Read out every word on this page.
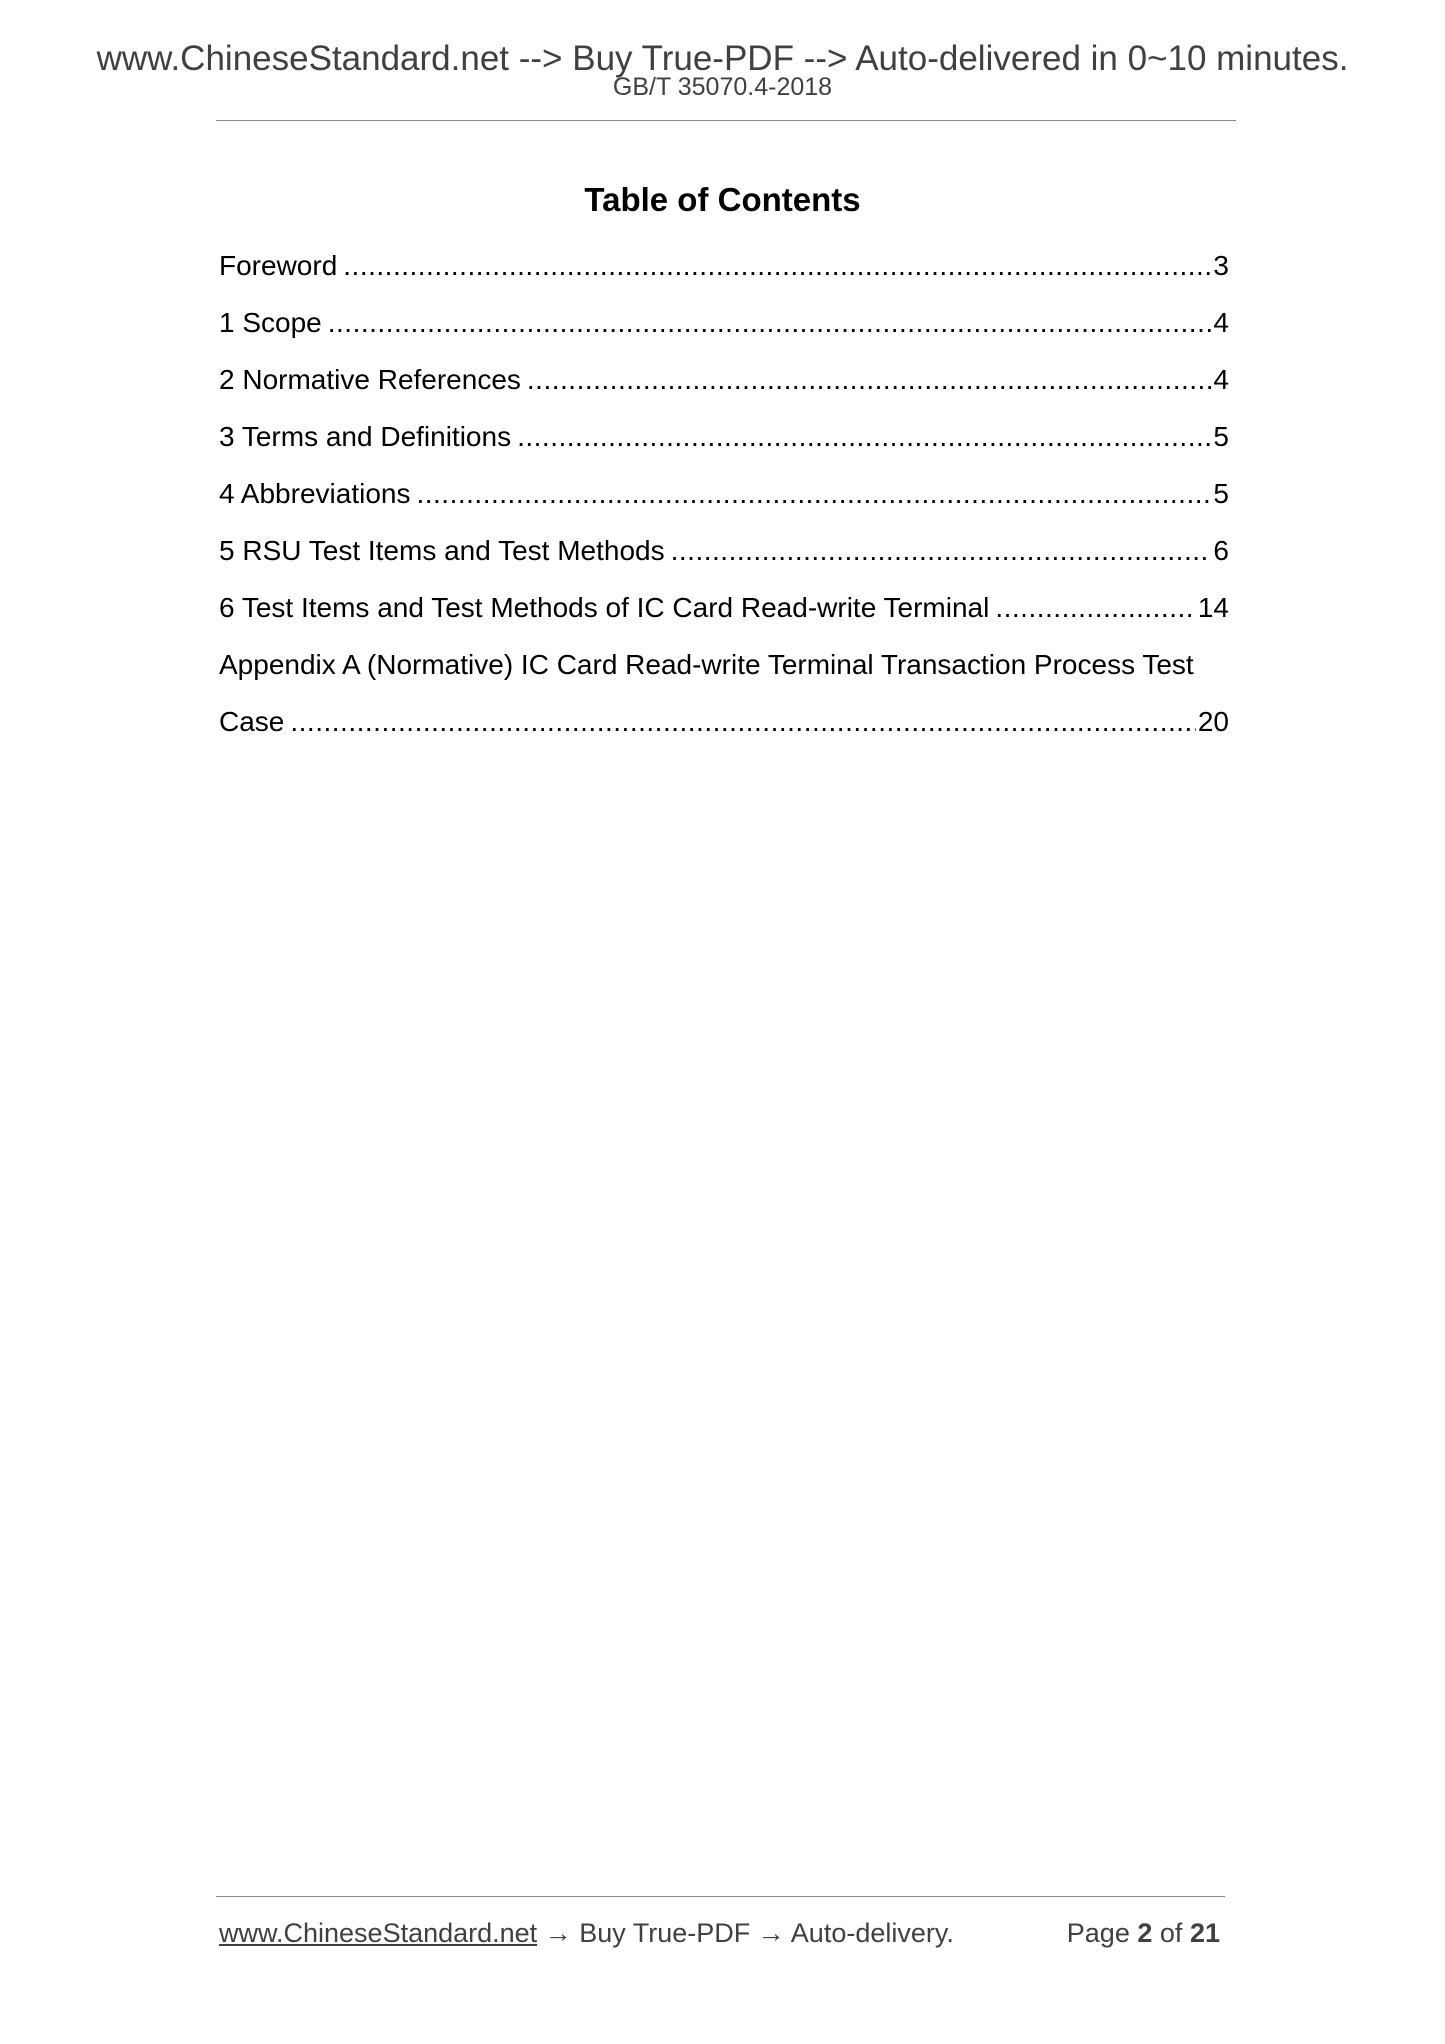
www.ChineseStandard.net --> Buy True-PDF --> Auto-delivered in 0~10 minutes.
GB/T 35070.4-2018
Table of Contents
Foreword .....	3
1 Scope .....	4
2 Normative References .....	4
3 Terms and Definitions .....	5
4 Abbreviations .....	5
5 RSU Test Items and Test Methods .....	6
6 Test Items and Test Methods of IC Card Read-write Terminal .....	14
Appendix A (Normative) IC Card Read-write Terminal Transaction Process Test
Case .....	20
www.ChineseStandard.net → Buy True-PDF → Auto-delivery.	Page 2 of 21
